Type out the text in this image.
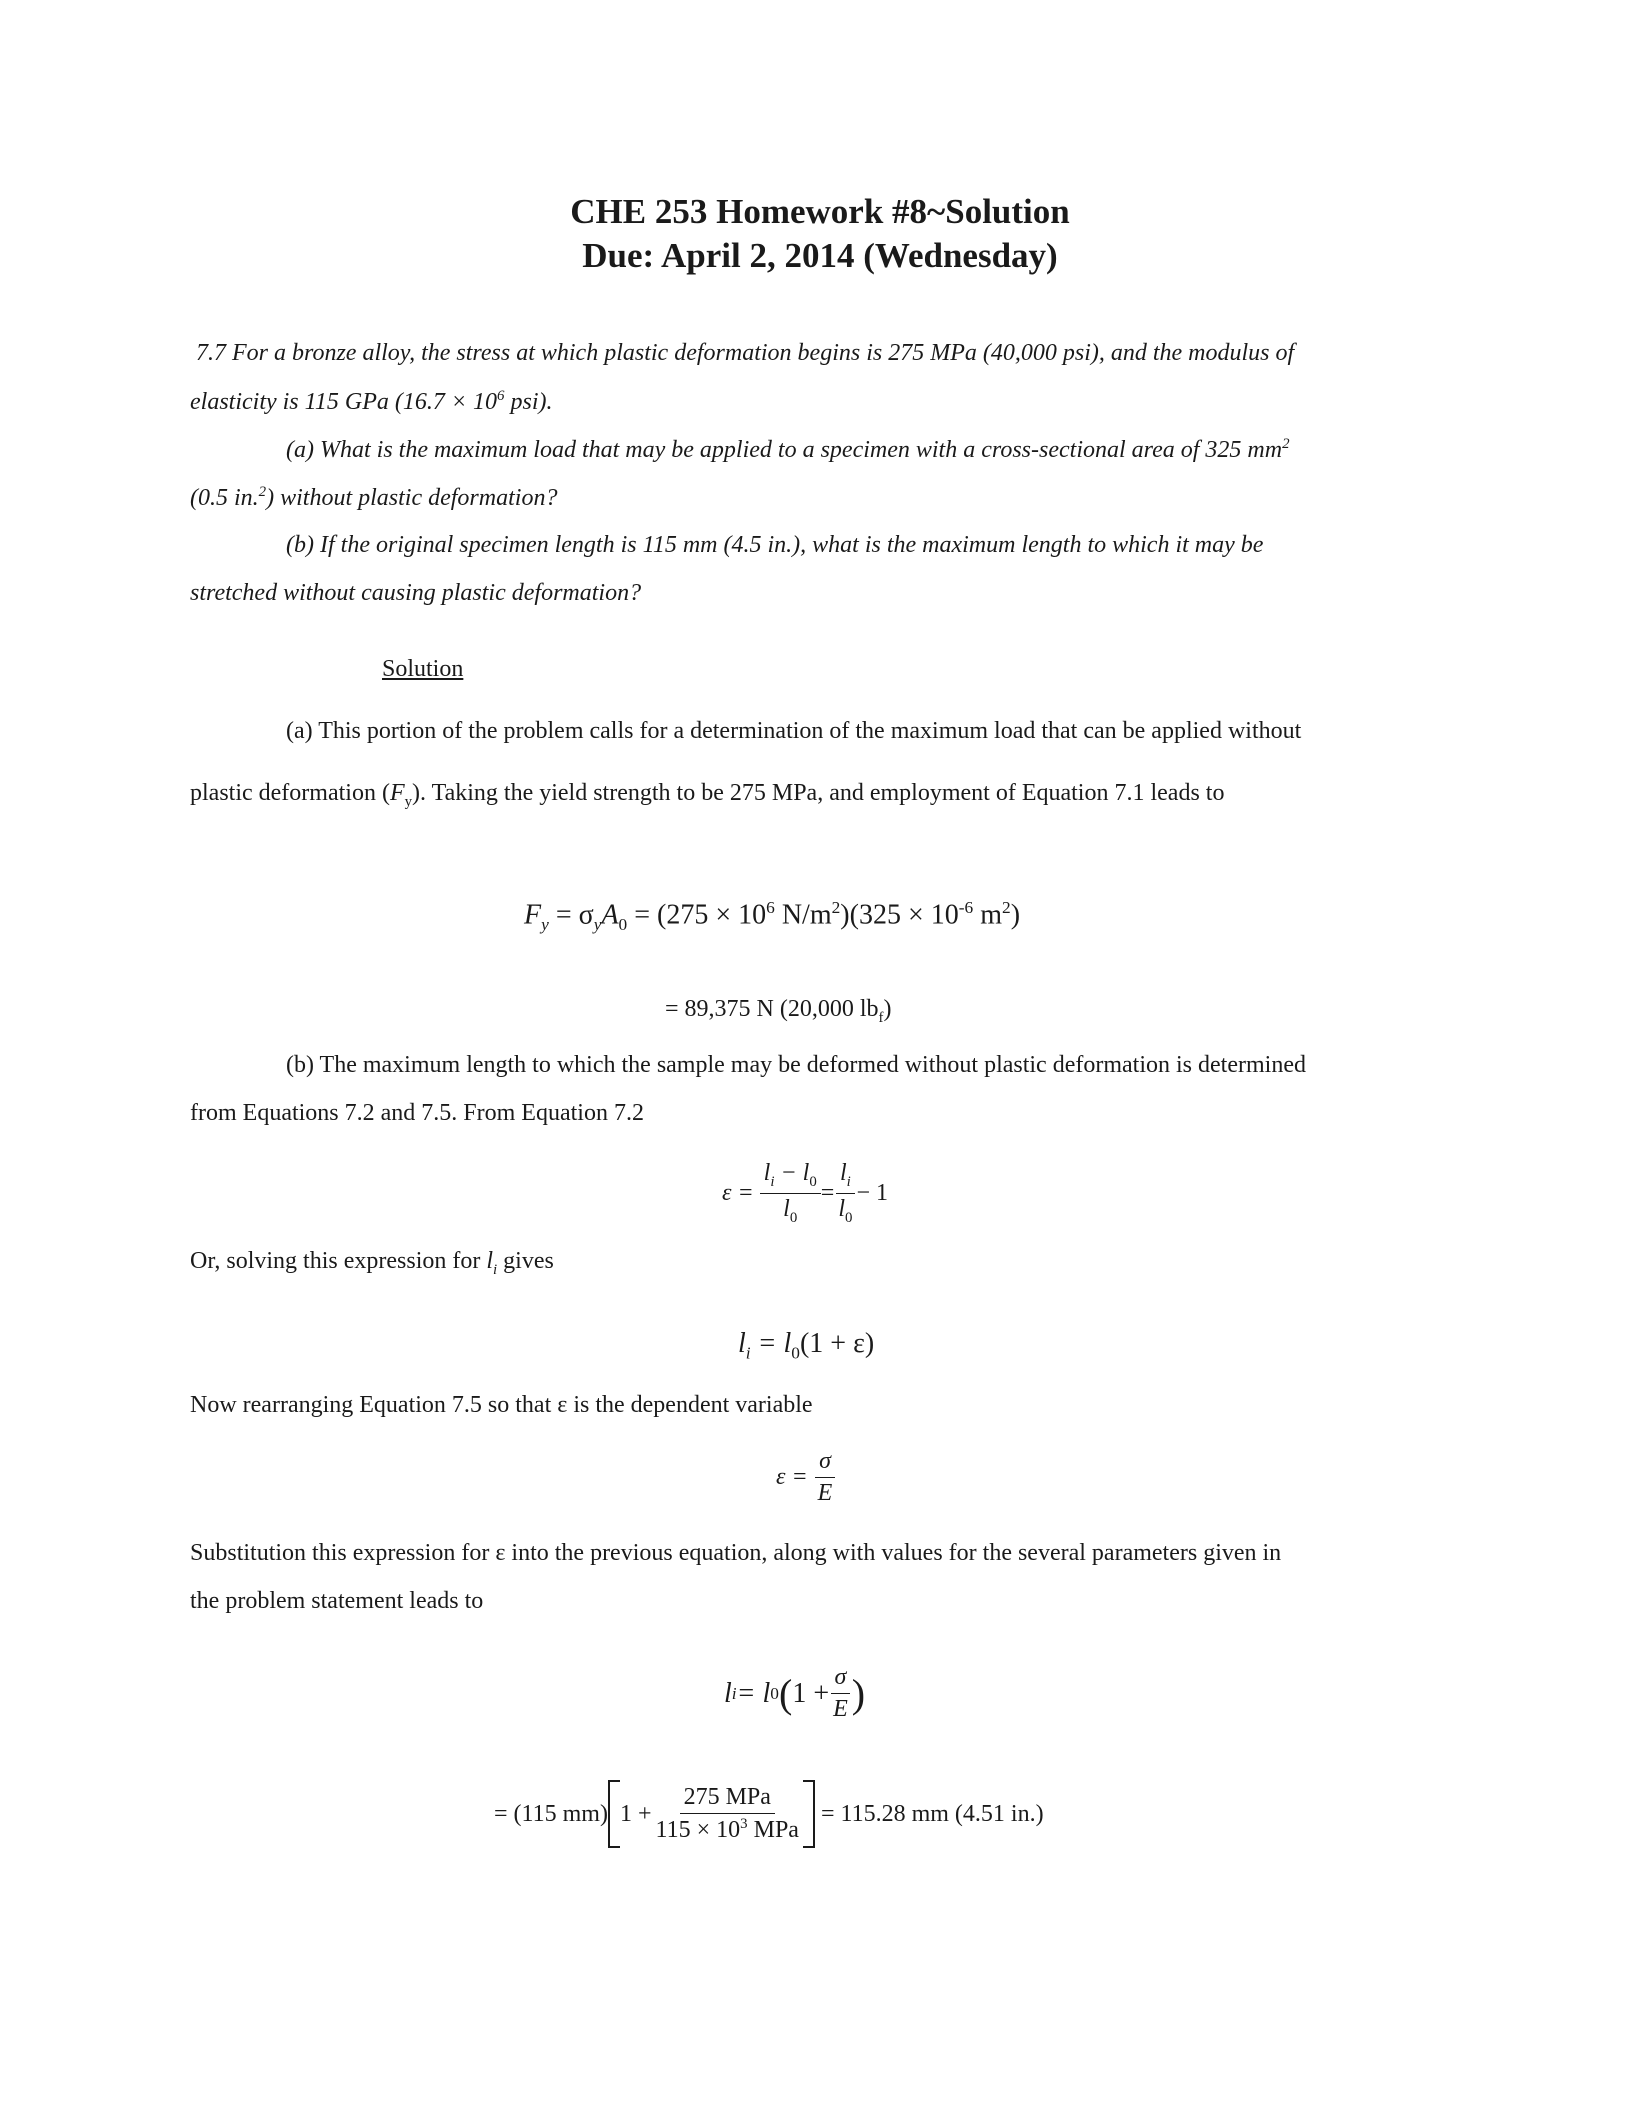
CHE 253 Homework #8~Solution
Due: April 2, 2014 (Wednesday)
7.7 For a bronze alloy, the stress at which plastic deformation begins is 275 MPa (40,000 psi), and the modulus of
elasticity is 115 GPa ($16.7 \times 10^6$ psi).
(a) What is the maximum load that may be applied to a specimen with a cross-sectional area of 325 $mm^2$
(0.5 in.$^2$) without plastic deformation?
(b) If the original specimen length is 115 mm (4.5 in.), what is the maximum length to which it may be
stretched without causing plastic deformation?
Solution
(a) This portion of the problem calls for a determination of the maximum load that can be applied without
plastic deformation $(F_y)$. Taking the yield strength to be 275 MPa, and employment of Equation 7.1 leads to
$F_y = \sigma_yA_0 = (275 \times 10^6$ $N/m^2)(325 \times 10^{-6}$ $m^2$)
= 89,375 N (20,000 $lb_f$)
(b) The maximum length to which the sample may be deformed without plastic deformation is determined
from Equations 7.2 and 7.5. From Equation 7.2
ε =
$\frac{l_i - l_0}{l_0} = \frac{l_i}{l_0} - 1$
Or, solving this expression for $l_i$ gives
$l_i = l_0(1 + \varepsilon)$
Now rearranging Equation 7.5 so that ε is the dependent variable
ε =
$\frac{\sigma}{E}$
Substitution this expression for ε into the previous equation, along with values for the several parameters given in
the problem statement leads to
l i = l 0 ( $1 + \frac{\sigma}{E}$ )
= (115 mm) $1 + \frac{\text{275 MPa}}{115 \times 10^3 MPa}$
= 115.28 mm (4.51 in.)
